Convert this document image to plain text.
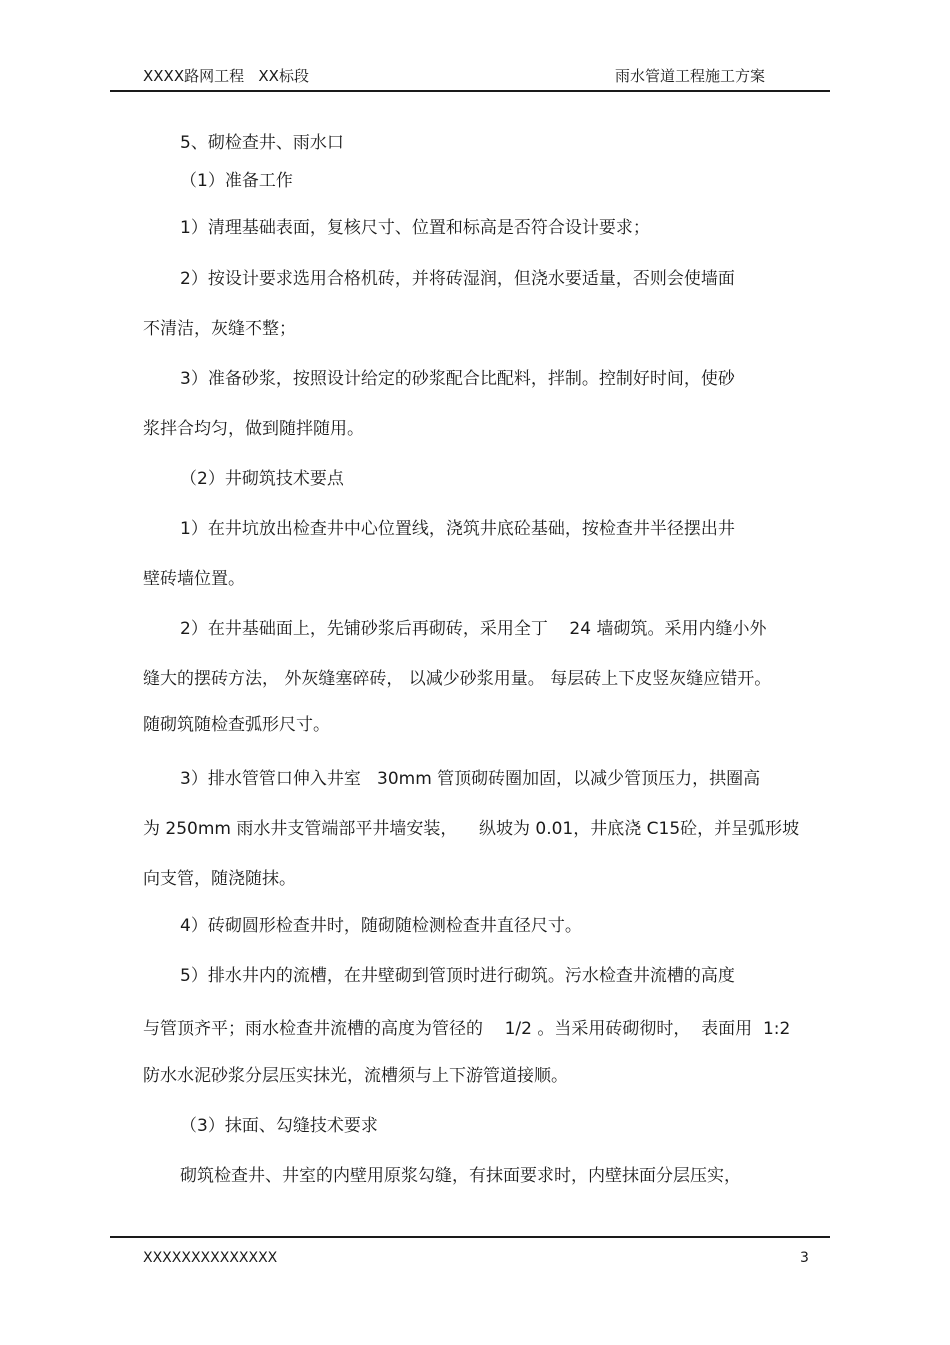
XXXX路网工程   XX标段	雨水管道工程施工方案
5、砌检查井、雨水口
（1）准备工作
1）清理基础表面，复核尺寸、位置和标高是否符合设计要求；
2）按设计要求选用合格机砖，并将砖湿润，但浇水要适量，否则会使墙面
不清洁，灰缝不整；
3）准备砂浆，按照设计给定的砂浆配合比配料，拌制。控制好时间，使砂
浆拌合均匀，做到随拌随用。
（2）井砌筑技术要点
1）在井坑放出检查井中心位置线，浇筑井底砼基础，按检查井半径摆出井
壁砖墙位置。
2）在井基础面上，先铺砂浆后再砌砖，采用全丁    24 墙砌筑。采用内缝小外
缝大的摆砖方法， 外灰缝塞碎砖， 以减少砂浆用量。 每层砖上下皮竖灰缝应错开。
随砌筑随检查弧形尺寸。
3）排水管管口伸入井室   30mm 管顶砌砖圈加固，以减少管顶压力，拱圈高
为 250mm 雨水井支管端部平井墙安装，    纵坡为 0.01，井底浇 C15砼，并呈弧形坡
向支管，随浇随抹。
4）砖砌圆形检查井时，随砌随检测检查井直径尺寸。
5）排水井内的流槽，在井壁砌到管顶时进行砌筑。污水检查井流槽的高度
与管顶齐平；雨水检查井流槽的高度为管径的    1/2 。当采用砖砌彻时，  表面用  1:2
防水水泥砂浆分层压实抹光，流槽须与上下游管道接顺。
（3）抹面、勾缝技术要求
砌筑检查井、井室的内壁用原浆勾缝，有抹面要求时，内壁抹面分层压实，
XXXXXXXXXXXXXX	3
